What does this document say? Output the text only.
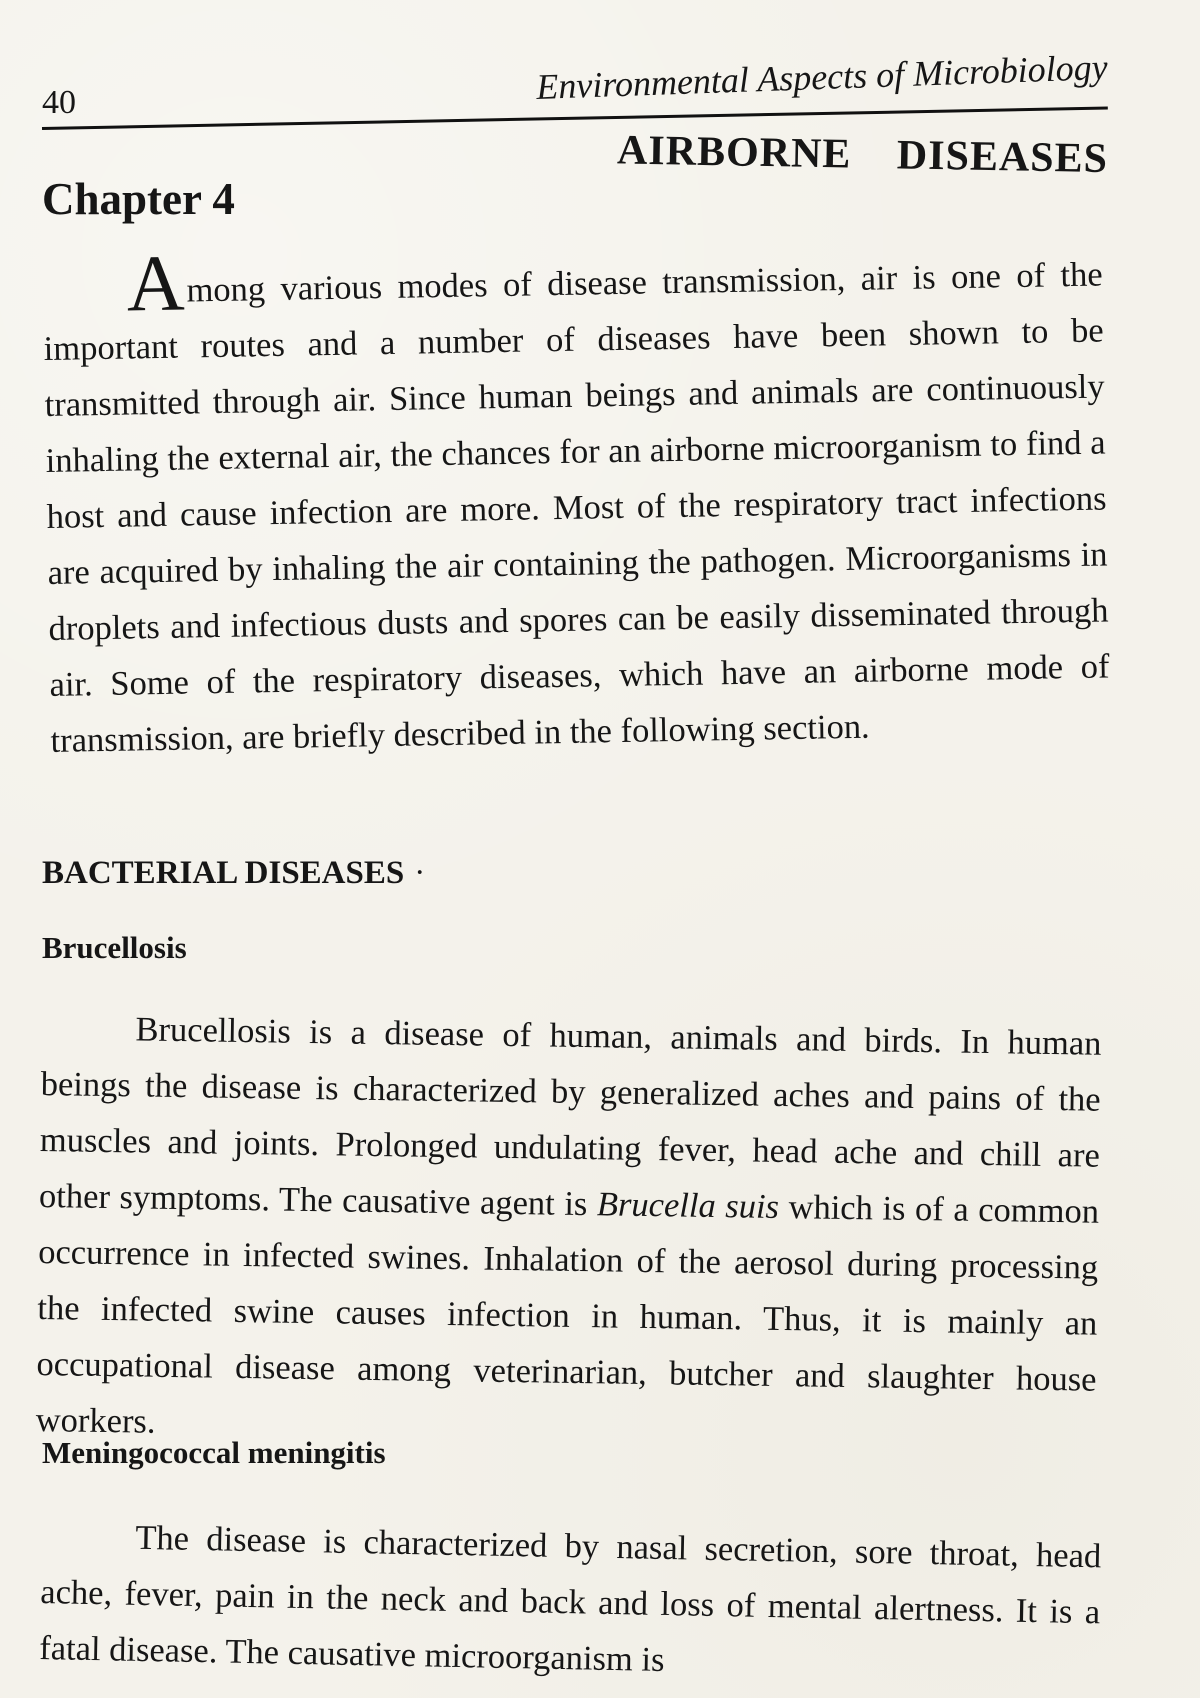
40	Environmental Aspects of Microbiology
Chapter 4
AIRBORNE DISEASES
Among various modes of disease transmission, air is one of the important routes and a number of diseases have been shown to be transmitted through air. Since human beings and animals are continuously inhaling the external air, the chances for an airborne microorganism to find a host and cause infection are more. Most of the respiratory tract infections are acquired by inhaling the air containing the pathogen. Microorganisms in droplets and infectious dusts and spores can be easily disseminated through air. Some of the respiratory diseases, which have an airborne mode of transmission, are briefly described in the following section.
BACTERIAL DISEASES ·
Brucellosis
Brucellosis is a disease of human, animals and birds. In human beings the disease is characterized by generalized aches and pains of the muscles and joints. Prolonged undulating fever, head ache and chill are other symptoms. The causative agent is Brucella suis which is of a common occurrence in infected swines. Inhalation of the aerosol during processing the infected swine causes infection in human. Thus, it is mainly an occupational disease among veterinarian, butcher and slaughter house workers.
Meningococcal meningitis
The disease is characterized by nasal secretion, sore throat, head ache, fever, pain in the neck and back and loss of mental alertness. It is a fatal disease. The causative microorganism is
